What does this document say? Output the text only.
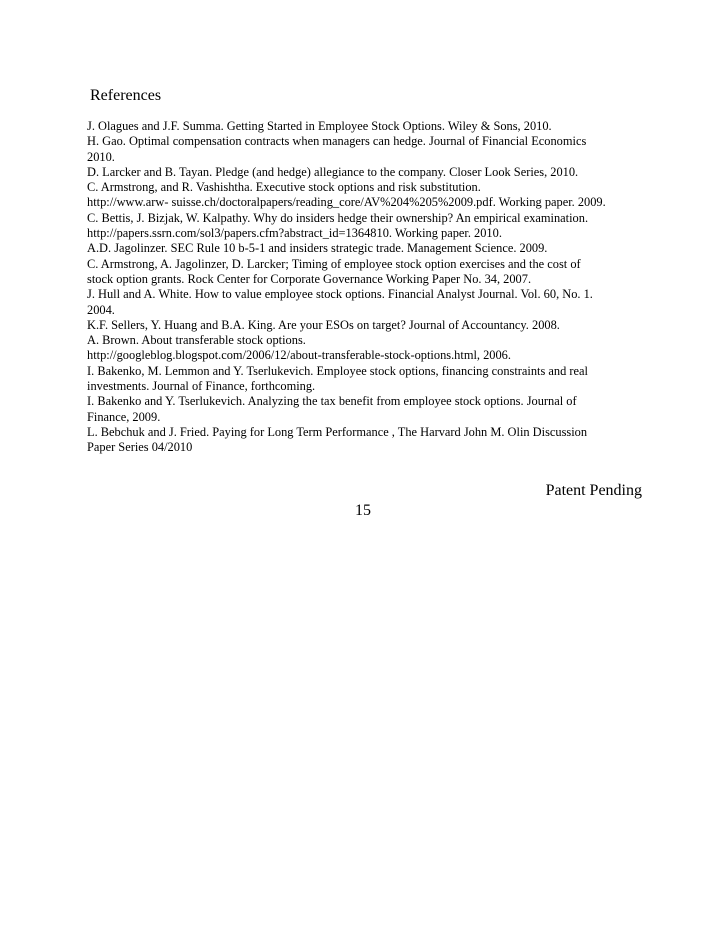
References
J. Olagues and J.F. Summa. Getting Started in Employee Stock Options. Wiley & Sons, 2010.
H. Gao. Optimal compensation contracts when managers can hedge. Journal of Financial Economics
2010.
D. Larcker and B. Tayan. Pledge (and hedge) allegiance to the company. Closer Look Series, 2010.
C. Armstrong, and R. Vashishtha. Executive stock options and risk substitution.
http://www.arw- suisse.ch/doctoralpapers/reading_core/AV%204%205%2009.pdf. Working paper. 2009.
C. Bettis, J. Bizjak, W. Kalpathy. Why do insiders hedge their ownership? An empirical examination.
http://papers.ssrn.com/sol3/papers.cfm?abstract_id=1364810. Working paper. 2010.
A.D. Jagolinzer. SEC Rule 10 b-5-1 and insiders strategic trade. Management Science. 2009.
C. Armstrong, A. Jagolinzer, D. Larcker; Timing of employee stock option exercises and the cost of
stock option grants. Rock Center for Corporate Governance Working Paper No. 34, 2007.
J. Hull and A. White. How to value employee stock options. Financial Analyst Journal. Vol. 60, No. 1.
2004.
K.F. Sellers, Y. Huang and B.A. King. Are your ESOs on target? Journal of Accountancy. 2008.
A. Brown. About transferable stock options.
http://googleblog.blogspot.com/2006/12/about-transferable-stock-options.html, 2006.
I. Bakenko, M. Lemmon and Y. Tserlukevich. Employee stock options, financing constraints and real
investments. Journal of Finance, forthcoming.
I. Bakenko and Y. Tserlukevich. Analyzing the tax benefit from employee stock options. Journal of
Finance, 2009.
L. Bebchuk and J. Fried. Paying for Long Term Performance , The Harvard John M. Olin Discussion
Paper Series 04/2010
Patent Pending
15
